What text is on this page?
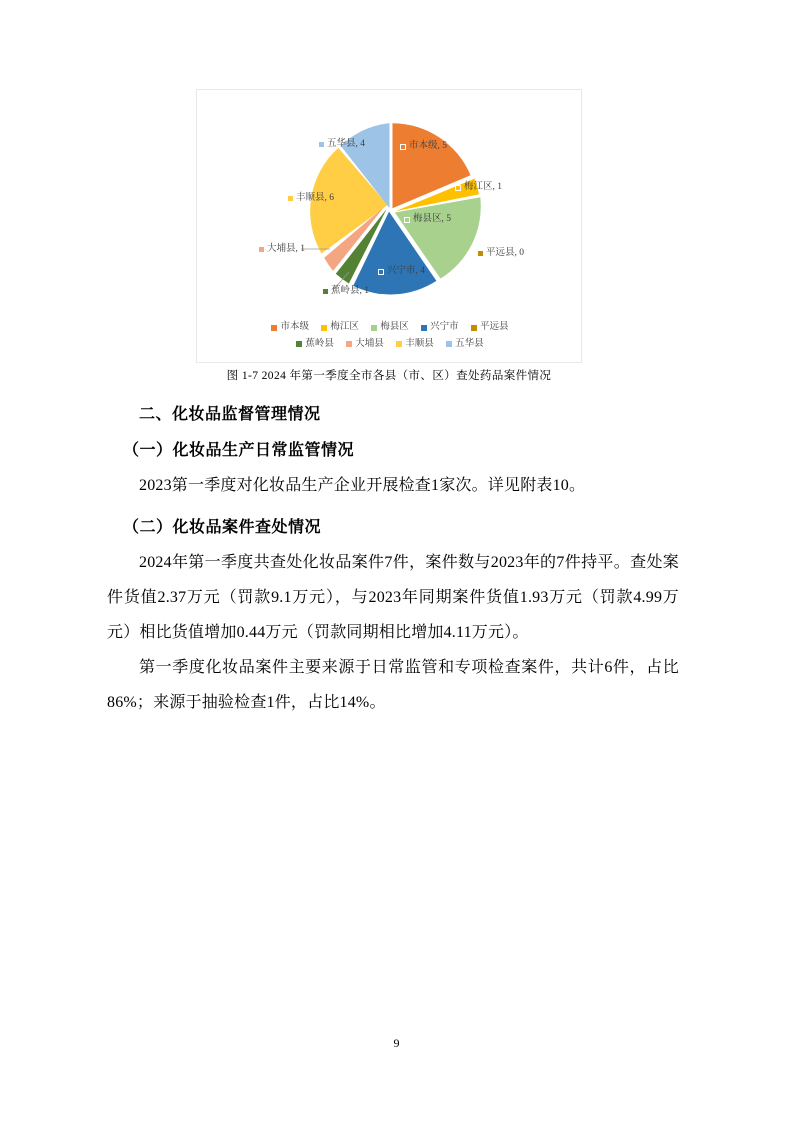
市本级, 5
梅江区, 1
梅县区, 5
兴宁市, 4
平远县, 0
蕉岭县, 1
大埔县, 1
丰顺县, 6
五华县, 4
市本级
梅江区
梅县区
兴宁市
平远县
蕉岭县
大埔县
丰顺县
五华县
图 1-7 2024 年第一季度全市各县（市、区）查处药品案件情况
二、化妆品监督管理情况
（一）化妆品生产日常监管情况
2023第一季度对化妆品生产企业开展检查1家次。详见附表10。
（二）化妆品案件查处情况
2024年第一季度共查处化妆品案件7件，案件数与2023年的7件持平。查处案件货值2.37万元（罚款9.1万元），与2023年同期案件货值1.93万元（罚款4.99万元）相比货值增加0.44万元（罚款同期相比增加4.11万元）。
第一季度化妆品案件主要来源于日常监管和专项检查案件，共计6件，占比86%；来源于抽验检查1件，占比14%。
9
